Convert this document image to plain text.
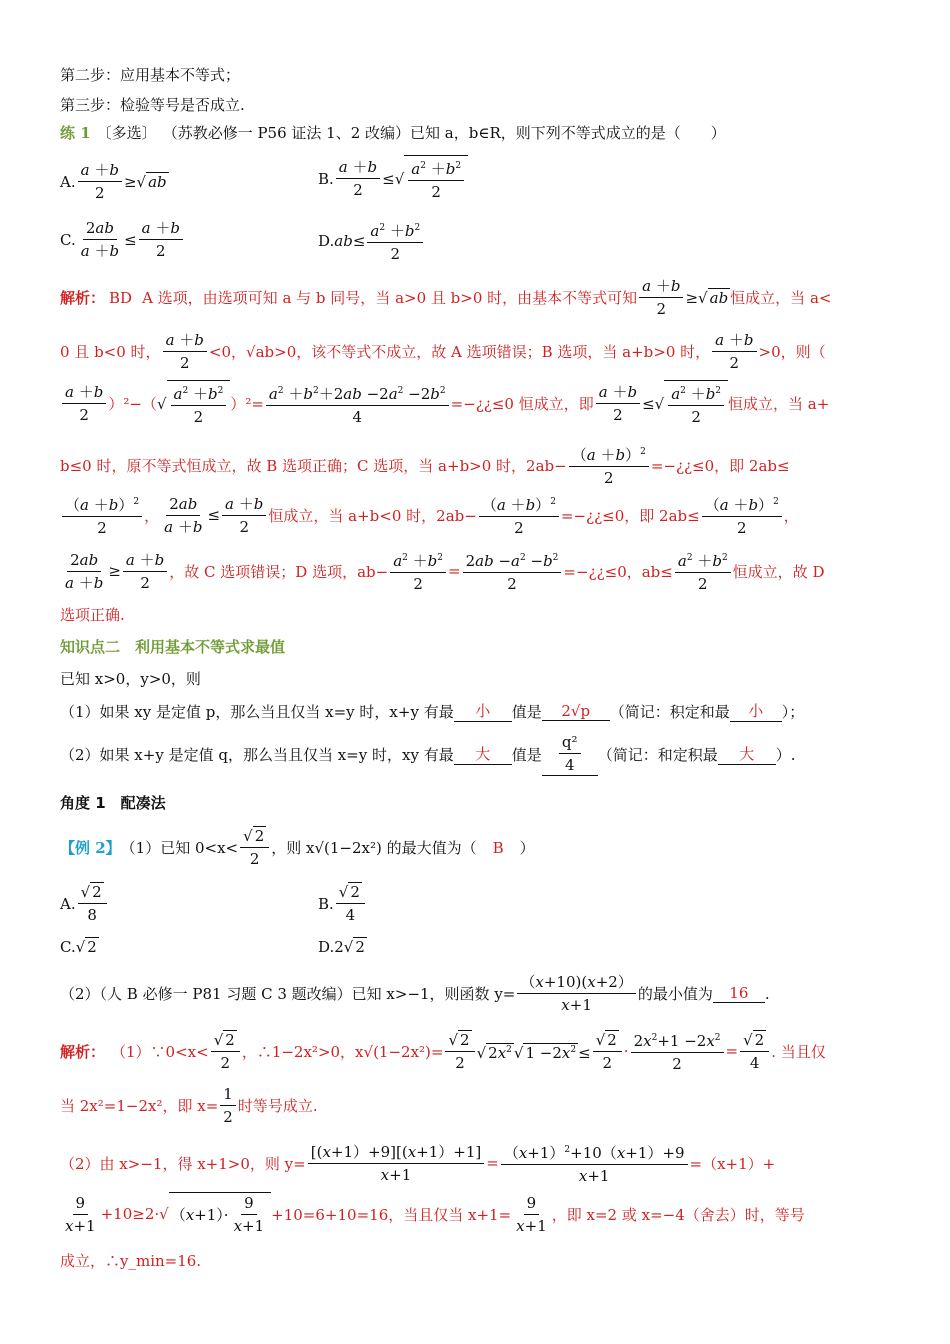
第二步：应用基本不等式；
第三步：检验等号是否成立.
练 1 〔多选〕 （苏教必修一 P56 证法 1、2 改编）已知 a，b∈R，则下列不等式成立的是（　　）
A. $\frac{a +b}{2}$ ≥√ ab	B. $\frac{a +b}{2}$ ≤√ $\frac{a^2 +b^2}{2}$
C. $\frac{2ab}{a +b} \le \frac{a +b}{2}$	$D.ab\le \frac{a^2 +b^2}{2}$
解析： BD A 选项，由选项可知 a 与 b 同号，当 a>0 且 b>0 时，由基本不等式可知 $\frac{a +b}{2}$ ≥√ ab 恒成立，当 a<
0 且 b<0 时， $\frac{a +b}{2} <0$，√ab>0，该不等式不成立，故 A 选项错误；B 选项，当 a+b>0 时， $\frac{a +b}{2} >0$，则（
$\frac{a +b}{2} )^2-$（ √ $\frac{a^2 +b^2}{2} )^2= \frac{a^2 +b^2+2ab -2a^2 -2b^2}{4}$ =−¿¿≤0 恒成立，即 $\frac{a +b}{2}$ ≤√ $\frac{a^2 +b^2}{2}$ 恒成立，当 a+
b≤0 时，原不等式恒成立，故 B 选项正确；C 选项，当 a+b>0 时，$2ab- \frac{(a +b)^2}{2}$ =−¿¿≤0，即 2ab≤
$\frac{(a +b)^2}{2}$ ， $\frac{2ab}{a +b} \le \frac{a +b}{2}$ 恒成立，当 a+b<0 时，$2ab- \frac{(a +b)^2}{2}$ =−¿¿≤0，即 $2ab\le \frac{(a +b)^2}{2}$ ，
$\frac{2ab}{a +b} \ge \frac{a +b}{2}$ ，故 C 选项错误；D 选项，$ab- \frac{a^2 +b^2}{2} = \frac{2ab -a^2 -b^2}{2}$ =−¿¿≤0，$ab\le \frac{a^2 +b^2}{2}$ 恒成立，故 D
选项正确.
知识点二　利用基本不等式求最值
已知 x>0，y>0，则
（1）如果 xy 是定值 p，那么当且仅当 x=y 时，x+y 有最	小	值是	2√p	（简记：积定和最	小	）；
（2）如果 x+y 是定值 q，那么当且仅当 x=y 时，xy 有最	大	值是 $\frac{\text{q²}}{4}$ （简记：和定积最	大	）.
角度 1　配凑法
【例 2】 （1）已知 $0<x< \frac{√ 2}{2}$ ，则 x√(1−2x²) 的最大值为（ B ）
A. $\frac{√ 2}{8}$	B. $\frac{√ 2}{4}$
C.√ 2	D.2√ 2
（2）（人 B 必修一 P81 习题 C 3 题改编）已知 x>−1，则函数 $y= \frac{(x+10)(x+2)}{x+1}$ 的最小值为	16	.
解析： （1）∵0<x< $\frac{√ 2}{2}$ ，∴1−2x²>0，$x√(1-2x^2)= \frac{√ 2}{2}$ √ $2x^2$ √ $1 -2x^2 \le \frac{√ 2}{2} \cdot \frac{2x^2+1 -2x^2}{2} = \frac{√ 2}{4}$ . 当且仅
当 2x²=1−2x²，即 $x= \frac{1}{2}$ 时等号成立.
（2）由 x>−1，得 x+1>0，则 $y= \frac{[(x+1)+9][(x+1)+1]}{x+1} = \frac{(x+1)^2+10(x+1)+9}{x+1} =(x+1)+$
$\frac{9}{x+1} +10\ge 2\cdot√$ （ $x +1)\cdot \frac{9}{x+1} +10=6+10=16$，当且仅当 $x+1= \frac{9}{x+1}$ ，即 x=2 或 x=−4（舍去）时，等号
成立，∴y_min=16.
